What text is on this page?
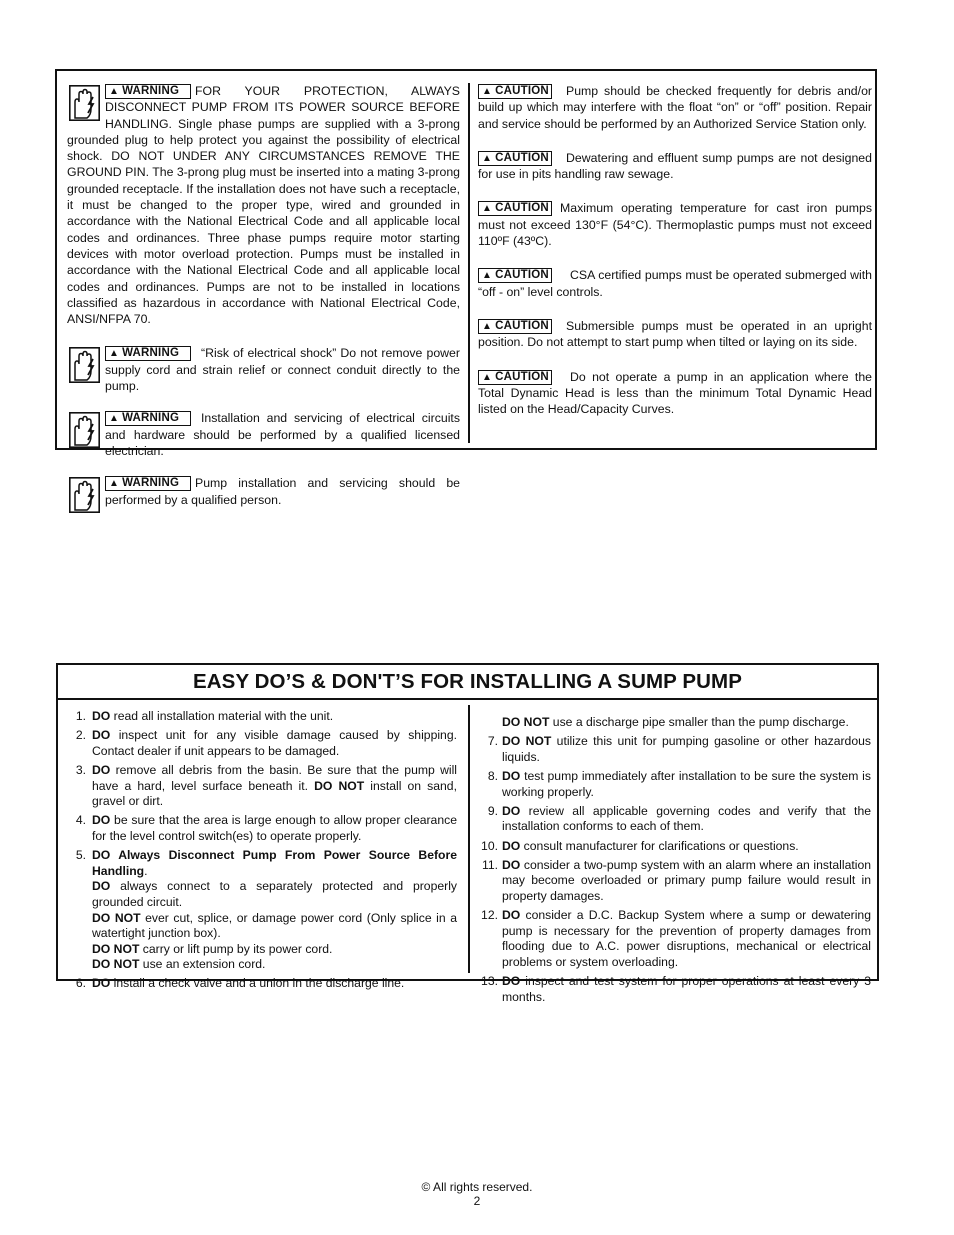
▲ WARNING FOR YOUR PROTECTION, ALWAYS DISCONNECT PUMP FROM ITS POWER SOURCE BEFORE HANDLING. Single phase pumps are supplied with a 3-prong grounded plug to help protect you against the possibility of electrical shock. DO NOT UNDER ANY CIRCUMSTANCES REMOVE THE GROUND PIN. The 3-prong plug must be inserted into a mating 3-prong grounded receptacle. If the installation does not have such a receptacle, it must be changed to the proper type, wired and grounded in accordance with the National Electrical Code and all applicable local codes and ordinances. Three phase pumps require motor starting devices with motor overload protection. Pumps must be installed in accordance with the National Electrical Code and all applicable local codes and ordinances. Pumps are not to be installed in locations classified as hazardous in accordance with National Electrical Code, ANSI/NFPA 70.

▲ WARNING “Risk of electrical shock” Do not remove power supply cord and strain relief or connect conduit directly to the pump.

▲ WARNING Installation and servicing of electrical circuits and hardware should be performed by a qualified licensed electrician.

▲ WARNING Pump installation and servicing should be performed by a qualified person.

▲ CAUTION Pump should be checked frequently for debris and/or build up which may interfere with the float “on” or “off” position. Repair and service should be performed by an Authorized Service Station only.

▲ CAUTION Dewatering and effluent sump pumps are not designed for use in pits handling raw sewage.

▲ CAUTION Maximum operating temperature for cast iron pumps must not exceed 130°F (54°C). Thermoplastic pumps must not exceed 110ºF (43ºC).

▲ CAUTION CSA certified pumps must be operated submerged with “off - on” level controls.

▲ CAUTION Submersible pumps must be operated in an upright position. Do not attempt to start pump when tilted or laying on its side.

▲ CAUTION Do not operate a pump in an application where the Total Dynamic Head is less than the minimum Total Dynamic Head listed on the Head/Capacity Curves.

EASY DO’S & DON'T’S FOR INSTALLING A SUMP PUMP
1. DO read all installation material with the unit.

2. DO inspect unit for any visible damage caused by shipping. Contact dealer if unit appears to be damaged.

3. DO remove all debris from the basin. Be sure that the pump will have a hard, level surface beneath it. DO NOT install on sand, gravel or dirt.

4. DO be sure that the area is large enough to allow proper clearance for the level control switch(es) to operate properly.

5. DO Always Disconnect Pump From Power Source Before Handling.

DO always connect to a separately protected and properly grounded circuit.

DO NOT ever cut, splice, or damage power cord (Only splice in a watertight junction box).

DO NOT carry or lift pump by its power cord.

DO NOT use an extension cord.

6. DO install a check valve and a union in the discharge line.

DO NOT use a discharge pipe smaller than the pump discharge.

7. DO NOT utilize this unit for pumping gasoline or other hazardous liquids.

8. DO test pump immediately after installation to be sure the system is working properly.

9. DO review all applicable governing codes and verify that the installation conforms to each of them.

10. DO consult manufacturer for clarifications or questions.

11. DO consider a two-pump system with an alarm where an installation may become overloaded or primary pump failure would result in property damages.

12. DO consider a D.C. Backup System where a sump or dewatering pump is necessary for the prevention of property damages from flooding due to A.C. power disruptions, mechanical or electrical problems or system overloading.

13. DO inspect and test system for proper operations at least every 3 months.

© All rights reserved.
2
